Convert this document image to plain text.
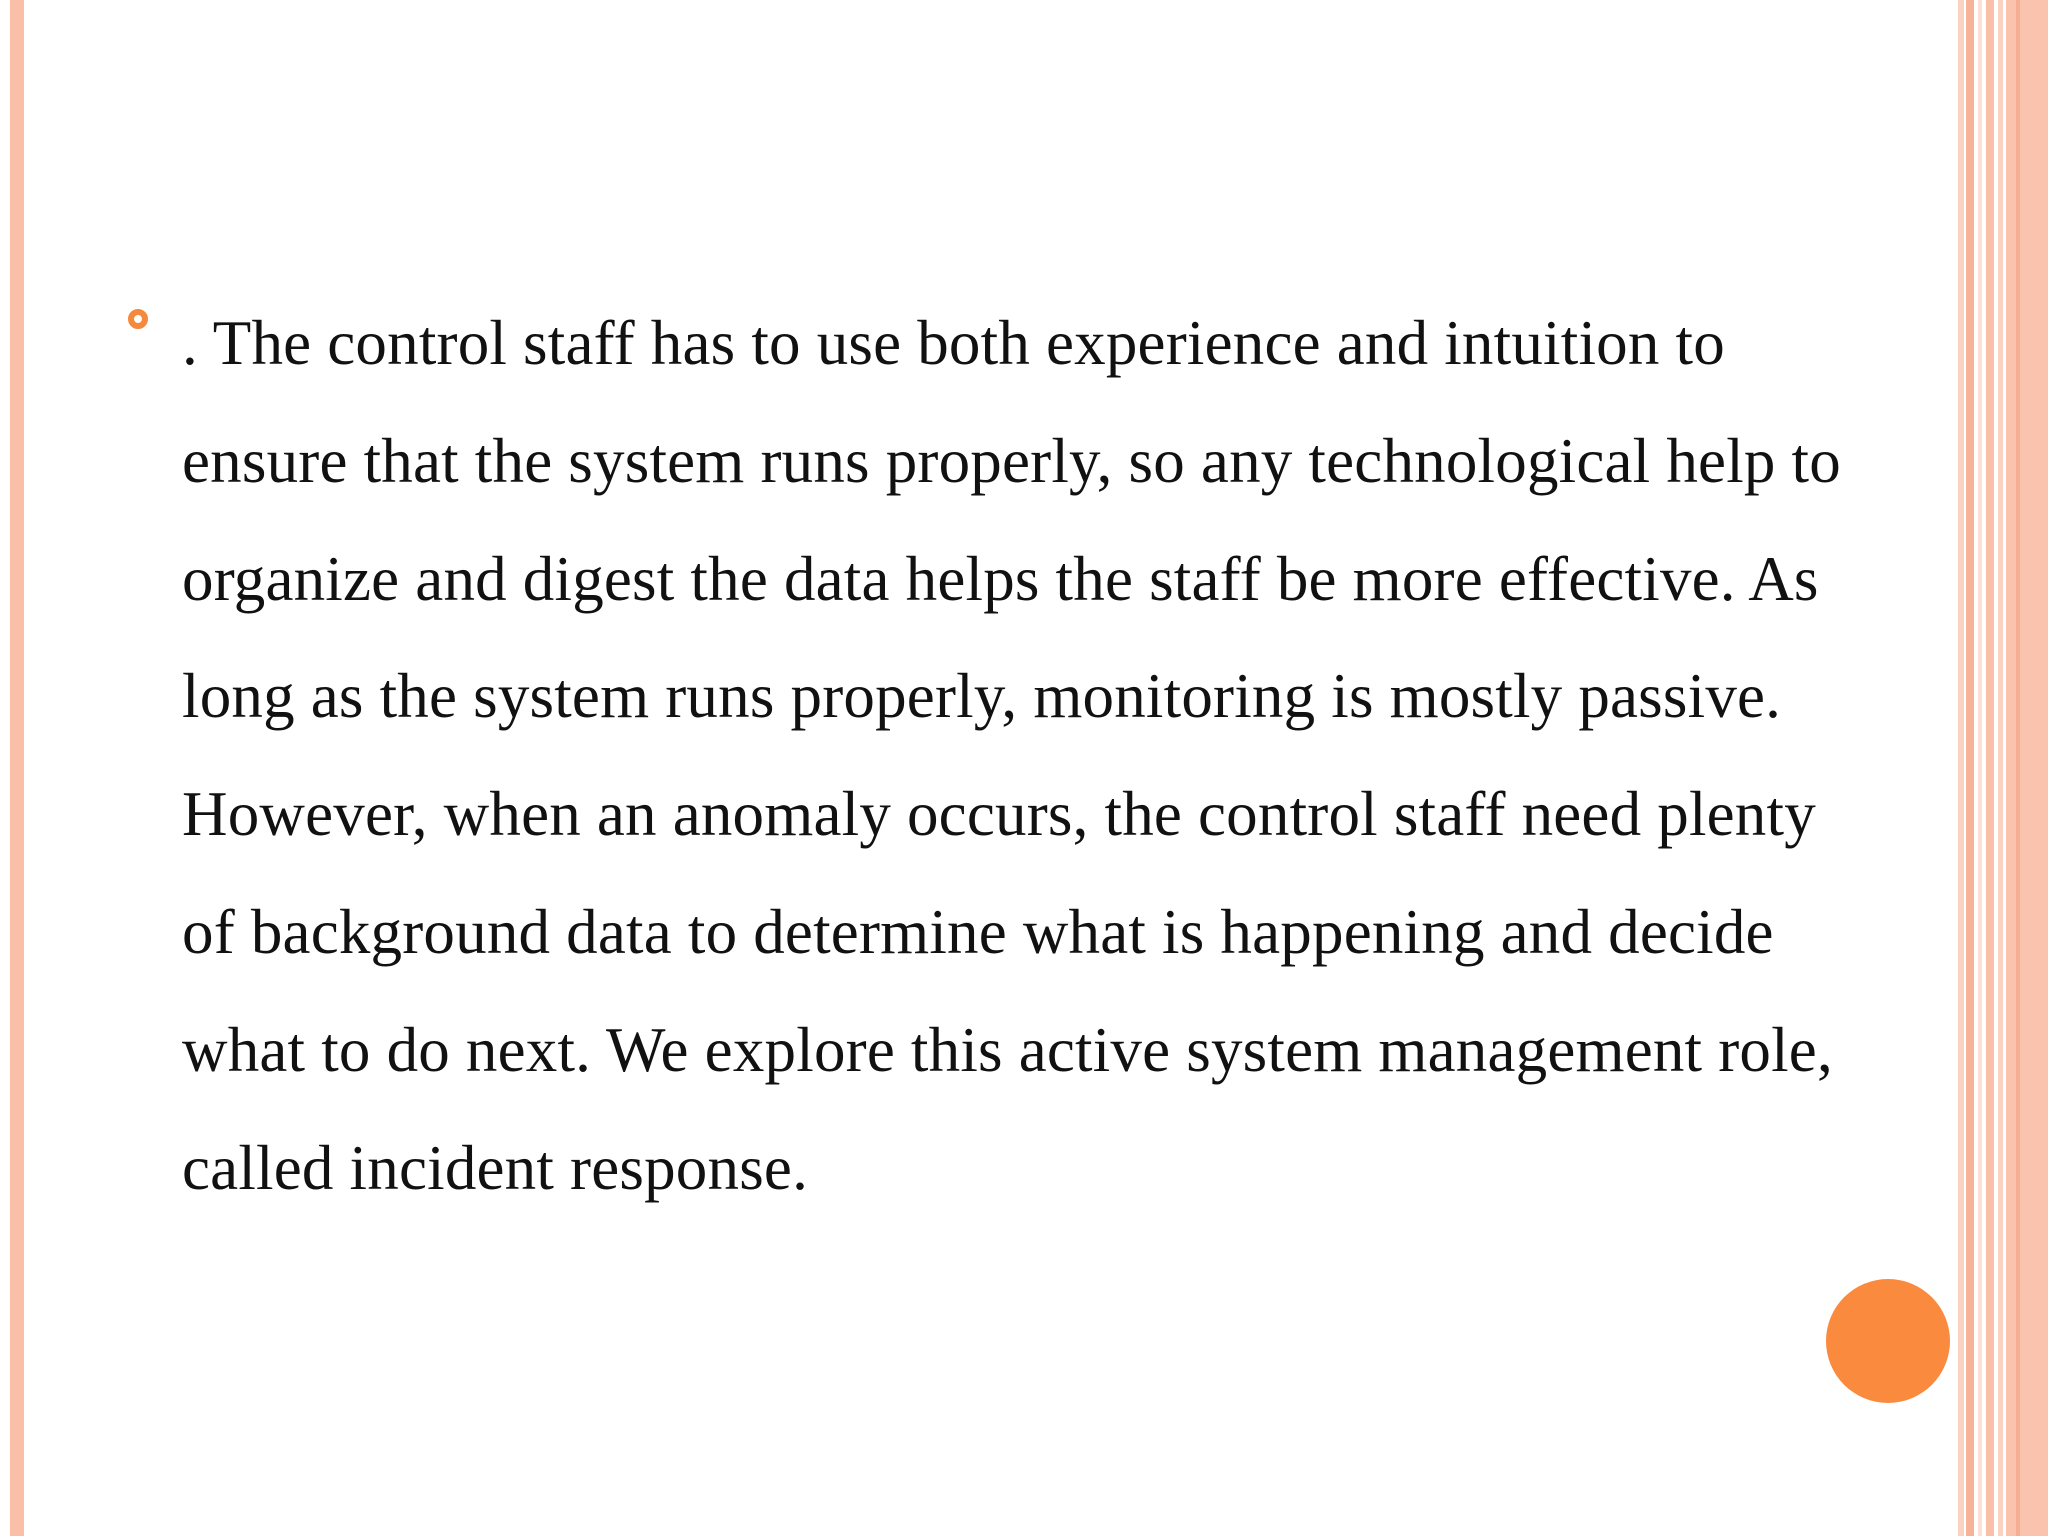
. The control staff has to use both experience and intuition to ensure that the system runs properly, so any technological help to organize and digest the data helps the staff be more effective. As long as the system runs properly, monitoring is mostly passive. However, when an anomaly occurs, the control staff need plenty of background data to determine what is happening and decide what to do next. We explore this active system management role, called incident response.
